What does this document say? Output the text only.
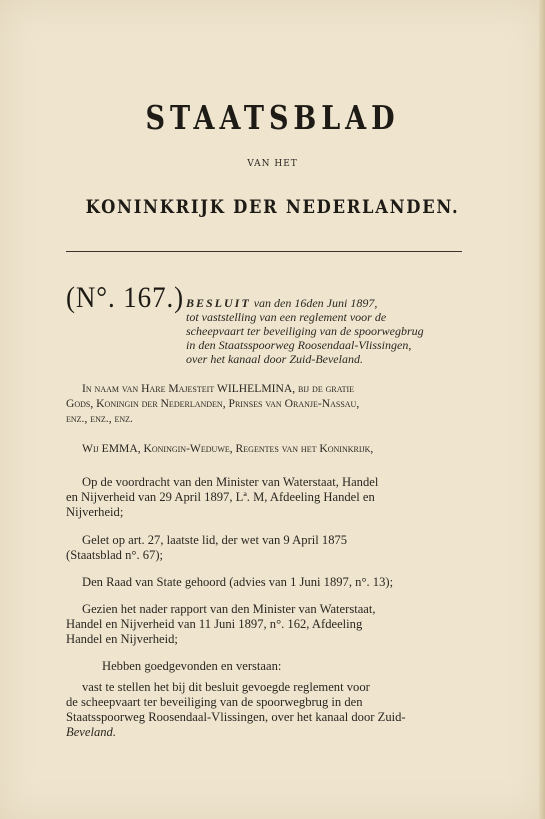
STAATSBLAD
VAN HET
KONINKRIJK DER NEDERLANDEN.
(N°. 167.) BESLUIT van den 16den Juni 1897,
tot vaststelling van een reglement voor de
scheepvaart ter beveiliging van de spoorwegbrug
in den Staatsspoorweg Roosendaal-Vlissingen,
over het kanaal door Zuid-Beveland.
In naam van Hare Majesteit WILHELMINA, bij de gratie
Gods, Koningin der Nederlanden, Prinses van Oranje-Nassau,
enz., enz., enz.
Wij EMMA, Koningin-Weduwe, Regentes van het Koninkrijk,
Op de voordracht van den Minister van Waterstaat, Handel
en Nijverheid van 29 April 1897, Lª. M, Afdeeling Handel en
Nijverheid;
Gelet op art. 27, laatste lid, der wet van 9 April 1875
(Staatsblad n°. 67);
Den Raad van State gehoord (advies van 1 Juni 1897, n°. 13);
Gezien het nader rapport van den Minister van Waterstaat,
Handel en Nijverheid van 11 Juni 1897, n°. 162, Afdeeling
Handel en Nijverheid;
Hebben goedgevonden en verstaan:
vast te stellen het bij dit besluit gevoegde reglement voor
de scheepvaart ter beveiliging van de spoorwegbrug in den
Staatsspoorweg Roosendaal-Vlissingen, over het kanaal door Zuid-
Beveland.
